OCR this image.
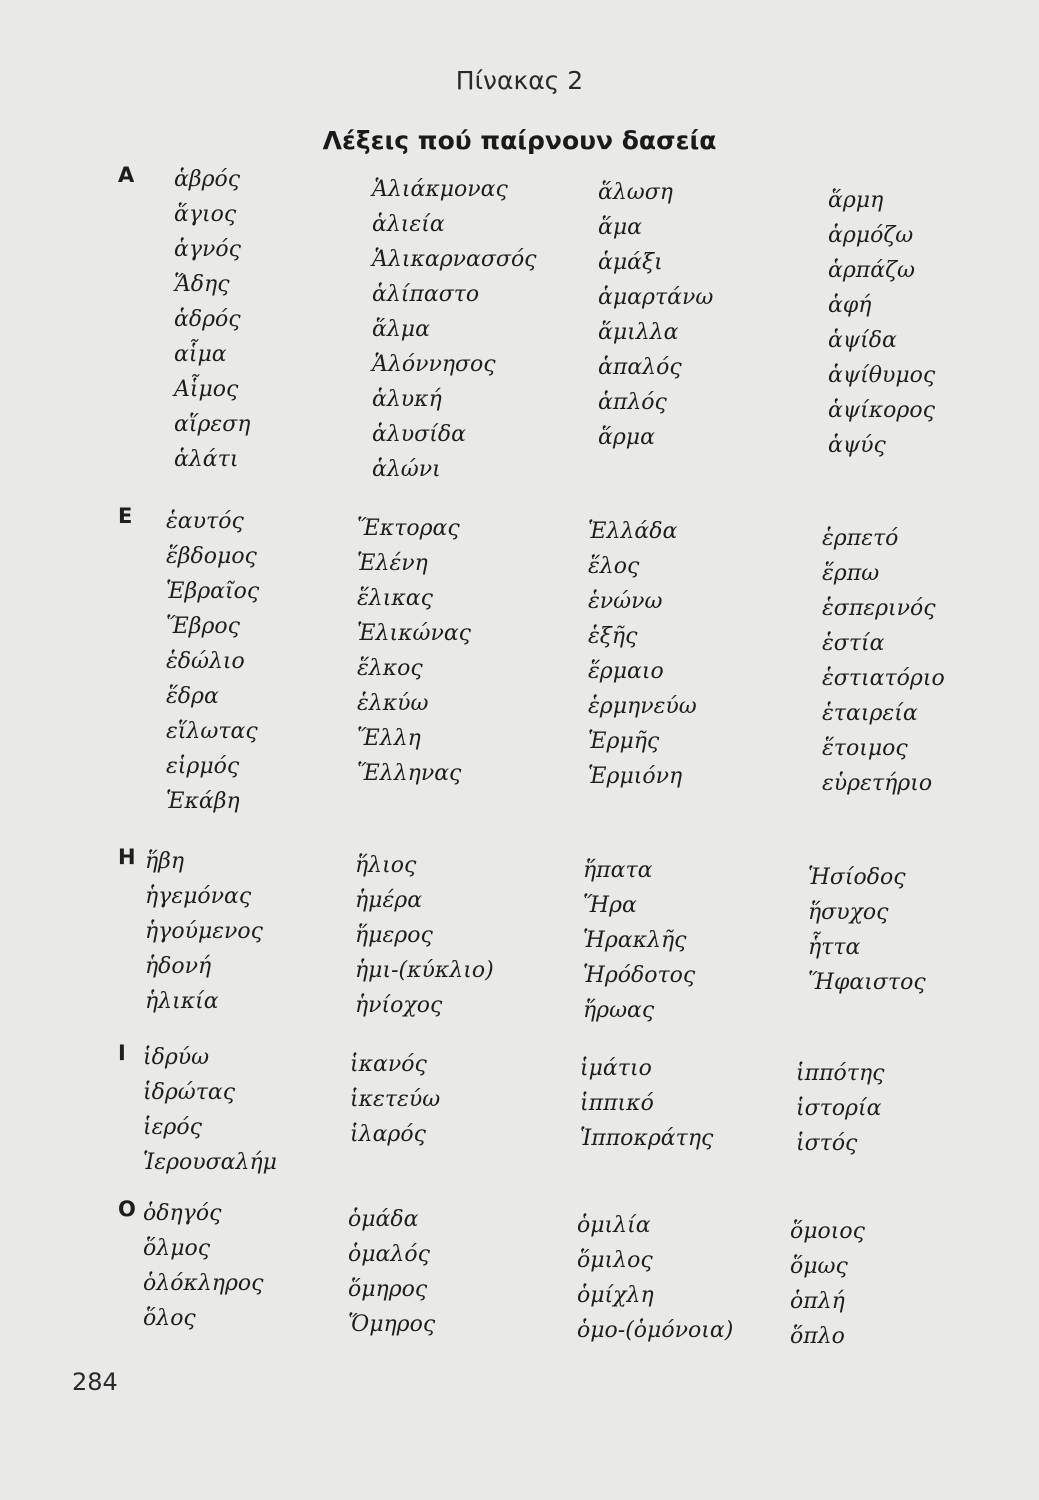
Πίνακας 2
Λέξεις πού παίρνουν δασεία
Α	ἁβρός
ἅγιος
ἁγνός
Ἅδης
ἁδρός
αἷμα
Αἷμος
αἵρεση
ἁλάτι
Ἁλιάκμονας
ἁλιεία
Ἁλικαρνασσός
ἁλίπαστο
ἅλμα
Ἁλόννησος
ἁλυκή
ἁλυσίδα
ἁλώνι
ἅλωση
ἅμα
ἁμάξι
ἁμαρτάνω
ἅμιλλα
ἁπαλός
ἁπλός
ἅρμα
ἅρμη
ἁρμόζω
ἁρπάζω
ἁφή
ἁψίδα
ἁψίθυμος
ἁψίκορος
ἁψύς
Ε	ἑαυτός
ἕβδομος
Ἑβραῖος
Ἕβρος
ἑδώλιο
ἕδρα
εἵλωτας
εἱρμός
Ἑκάβη
Ἕκτορας
Ἑλένη
ἕλικας
Ἑλικώνας
ἕλκος
ἑλκύω
Ἕλλη
Ἕλληνας
Ἑλλάδα
ἕλος
ἑνώνω
ἑξῆς
ἕρμαιο
ἑρμηνεύω
Ἑρμῆς
Ἑρμιόνη
ἑρπετό
ἕρπω
ἑσπερινός
ἑστία
ἑστιατόριο
ἑταιρεία
ἕτοιμος
εὑρετήριο
Η ἥβη
ἡγεμόνας
ἡγούμενος
ἡδονή
ἡλικία
ἥλιος
ἡμέρα
ἥμερος
ἡμι-(κύκλιο)
ἡνίοχος
ἥπατα
Ἥρα
Ἡρακλῆς
Ἡρόδοτος
ἥρωας
Ἡσίοδος
ἥσυχος
ἧττα
Ἥφαιστος
Ι ἱδρύω
ἱδρώτας
ἱερός
Ἱερουσαλήμ
ἱκανός
ἱκετεύω
ἱλαρός
ἱμάτιο
ἱππικό
Ἱπποκράτης
ἱππότης
ἱστορία
ἱστός
Ο ὁδηγός
ὅλμος
ὁλόκληρος
ὅλος
ὁμάδα
ὁμαλός
ὅμηρος
Ὅμηρος
ὁμιλία
ὅμιλος
ὁμίχλη
ὁμο-(ὁμόνοια)
ὅμοιος
ὅμως
ὁπλή
ὅπλο
284
